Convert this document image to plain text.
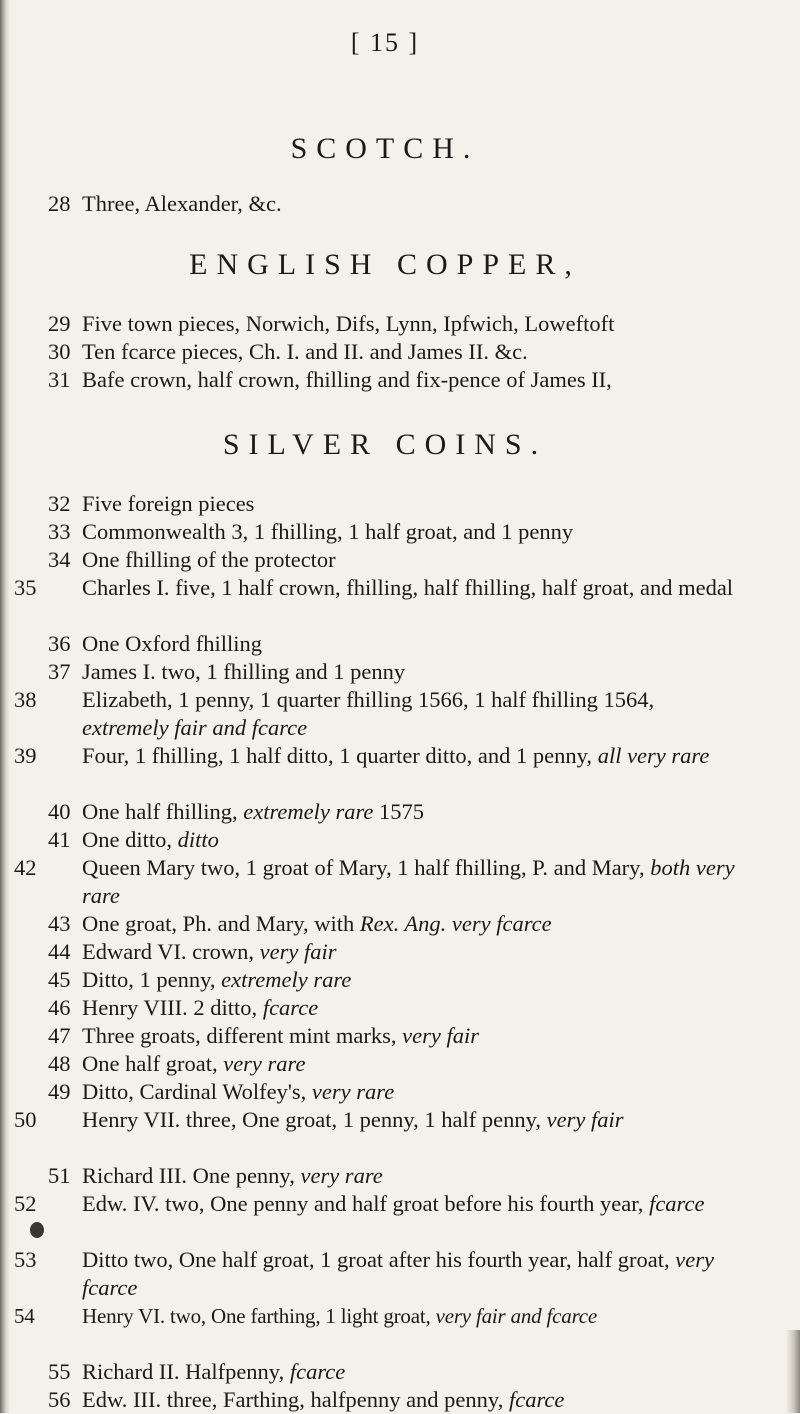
[ 15 ]
SCOTCH.
28 Three, Alexander, &c.
ENGLISH COPPER,
29 Five town pieces, Norwich, Difs, Lynn, Ipfwich, Loweftoft
30 Ten fcarce pieces, Ch. I. and II. and James II. &c.
31 Bafe crown, half crown, fhilling and fix-pence of James II,
SILVER COINS.
32 Five foreign pieces
33 Commonwealth 3, 1 fhilling, 1 half groat, and 1 penny
34 One fhilling of the protector
35 Charles I. five, 1 half crown, fhilling, half fhilling, half groat, and medal
36 One Oxford fhilling
37 James I. two, 1 fhilling and 1 penny
38 Elizabeth, 1 penny, 1 quarter fhilling 1566, 1 half fhilling 1564, extremely fair and fcarce
39 Four, 1 fhilling, 1 half ditto, 1 quarter ditto, and 1 penny, all very rare
40 One half fhilling, extremely rare 1575
41 One ditto, ditto
42 Queen Mary two, 1 groat of Mary, 1 half fhilling, P. and Mary, both very rare
43 One groat, Ph. and Mary, with Rex. Ang. very fcarce
44 Edward VI. crown, very fair
45 Ditto, 1 penny, extremely rare
46 Henry VIII. 2 ditto, fcarce
47 Three groats, different mint marks, very fair
48 One half groat, very rare
49 Ditto, Cardinal Wolfey's, very rare
50 Henry VII. three, One groat, 1 penny, 1 half penny, very fair
51 Richard III. One penny, very rare
52 Edw. IV. two, One penny and half groat before his fourth year, fcarce
53 Ditto two, One half groat, 1 groat after his fourth year, half groat, very fcarce
54 Henry VI. two, One farthing, 1 light groat, very fair and fcarce
55 Richard II. Halfpenny, fcarce
56 Edw. III. three, Farthing, halfpenny and penny, fcarce
